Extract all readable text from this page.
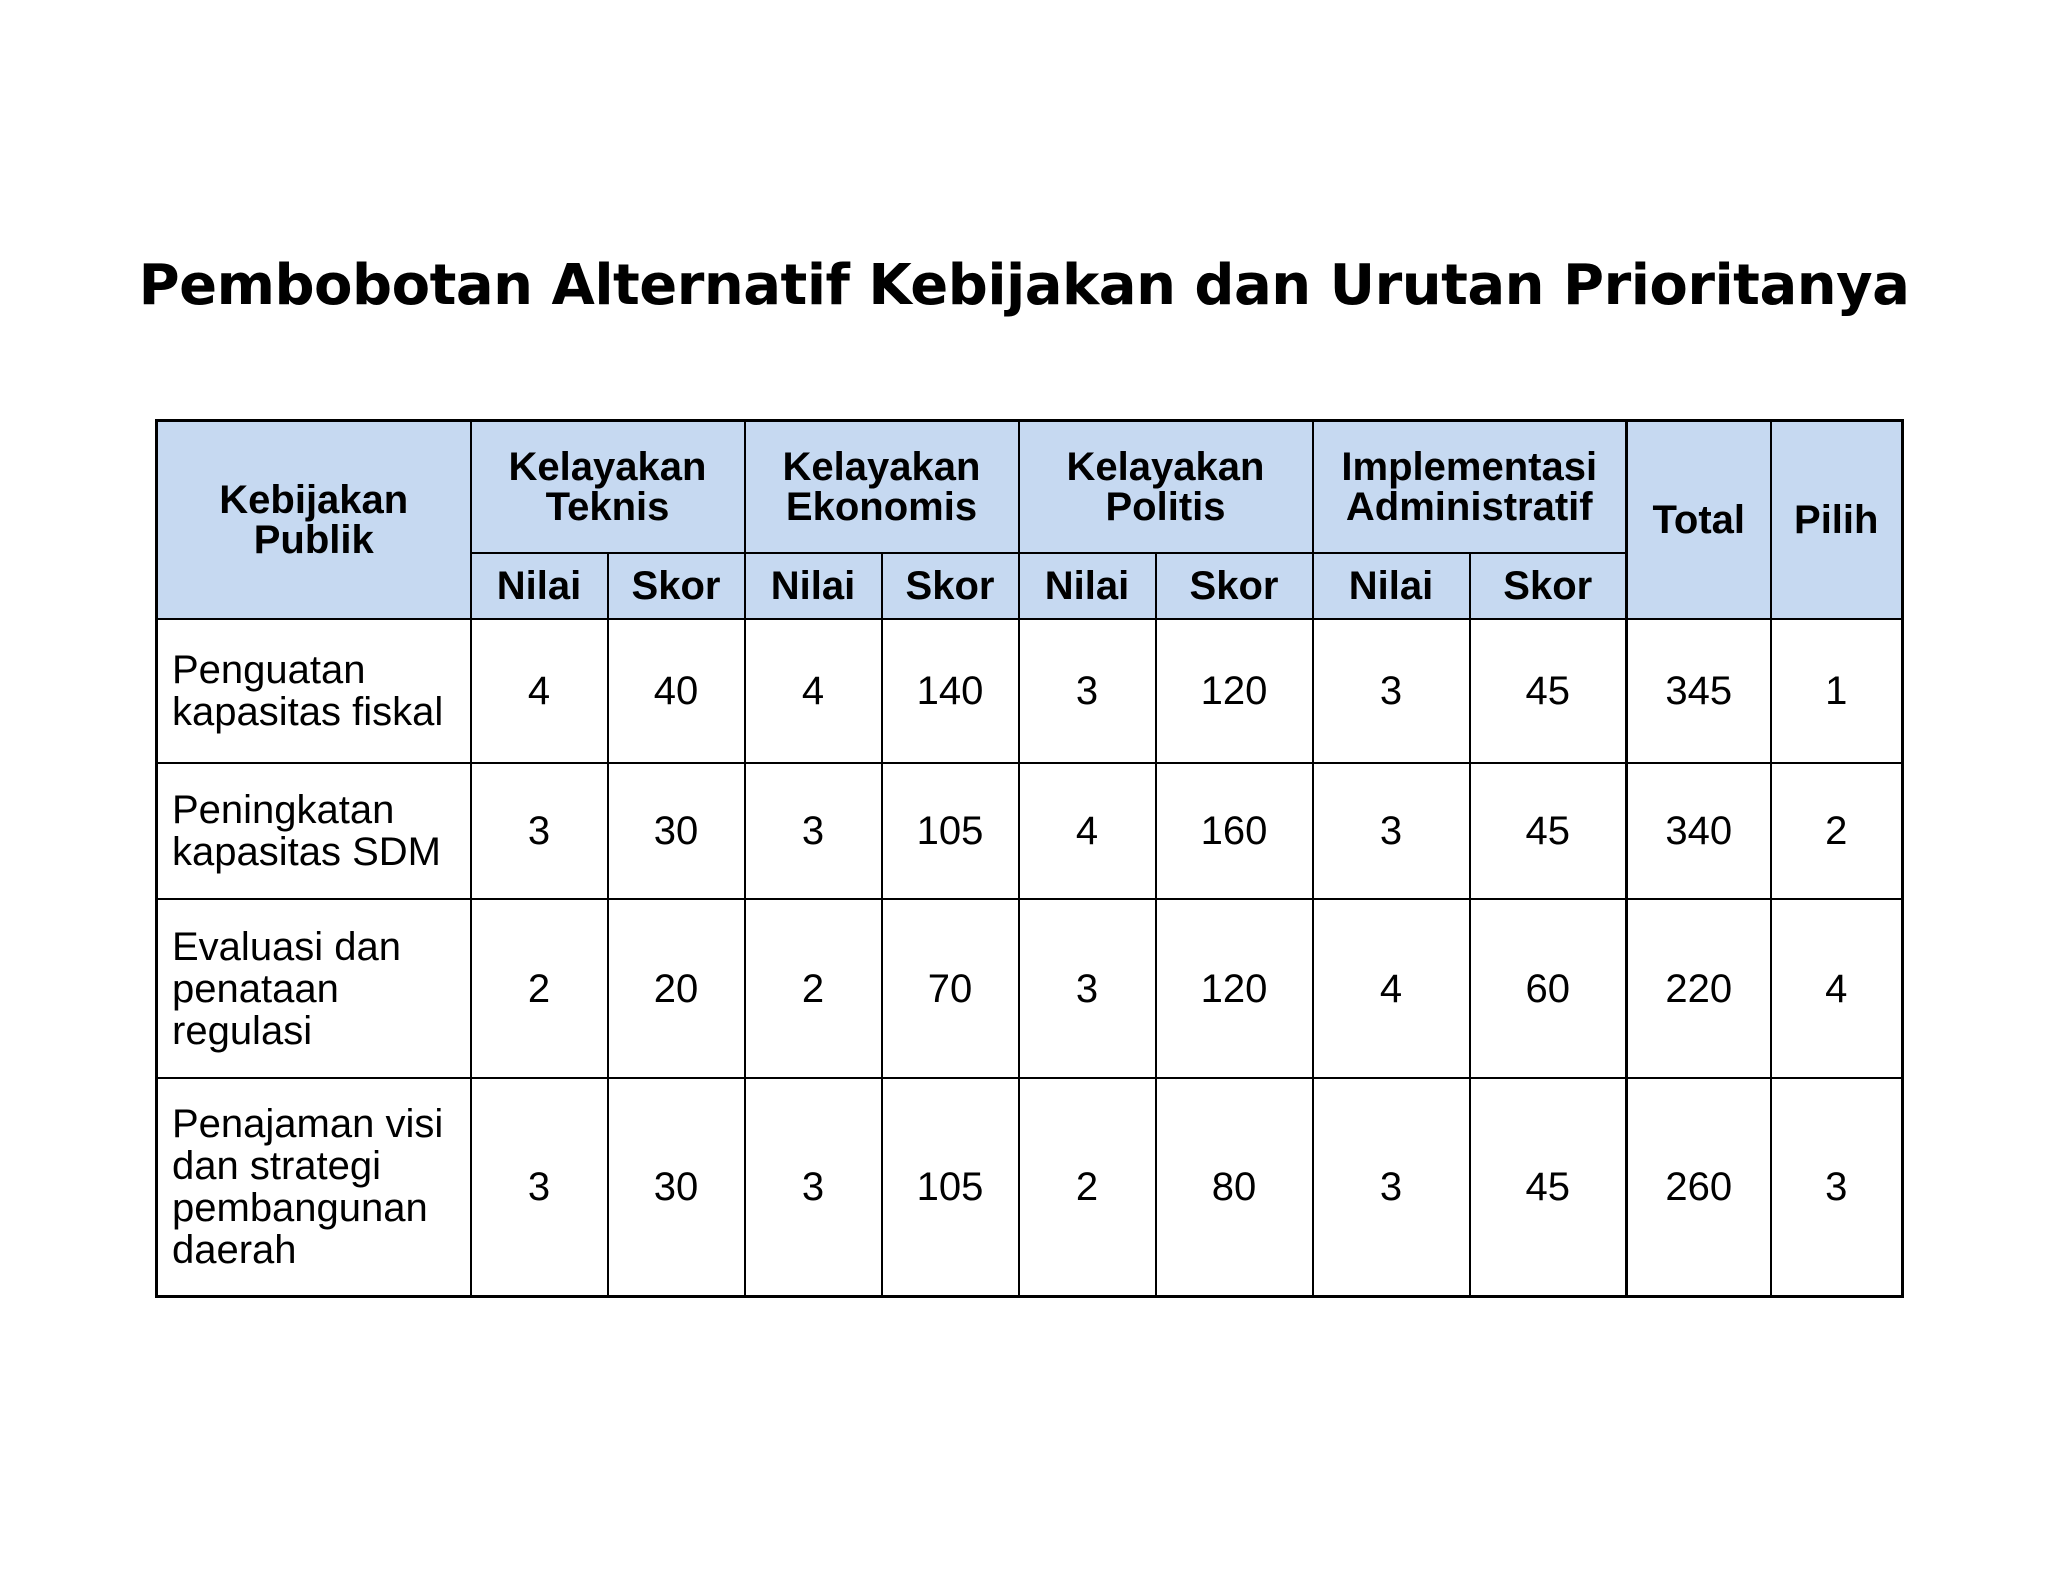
Pembobotan Alternatif Kebijakan dan Urutan Prioritanya
Kebijakan Publik	Kelayakan Teknis		Kelayakan Ekonomis		Kelayakan Politis		Implementasi Administratif		Total	Pilih

	Nilai	Skor	Nilai	Skor	Nilai	Skor	Nilai	Skor		
Penguatan kapasitas fiskal	4	40	4	140	3	120	3	45	345	1
Peningkatan kapasitas SDM	3	30	3	105	4	160	3	45	340	2
Evaluasi dan penataan regulasi	2	20	2	70	3	120	4	60	220	4
Penajaman visi dan strategi pembangunan daerah	3	30	3	105	2	80	3	45	260	3
